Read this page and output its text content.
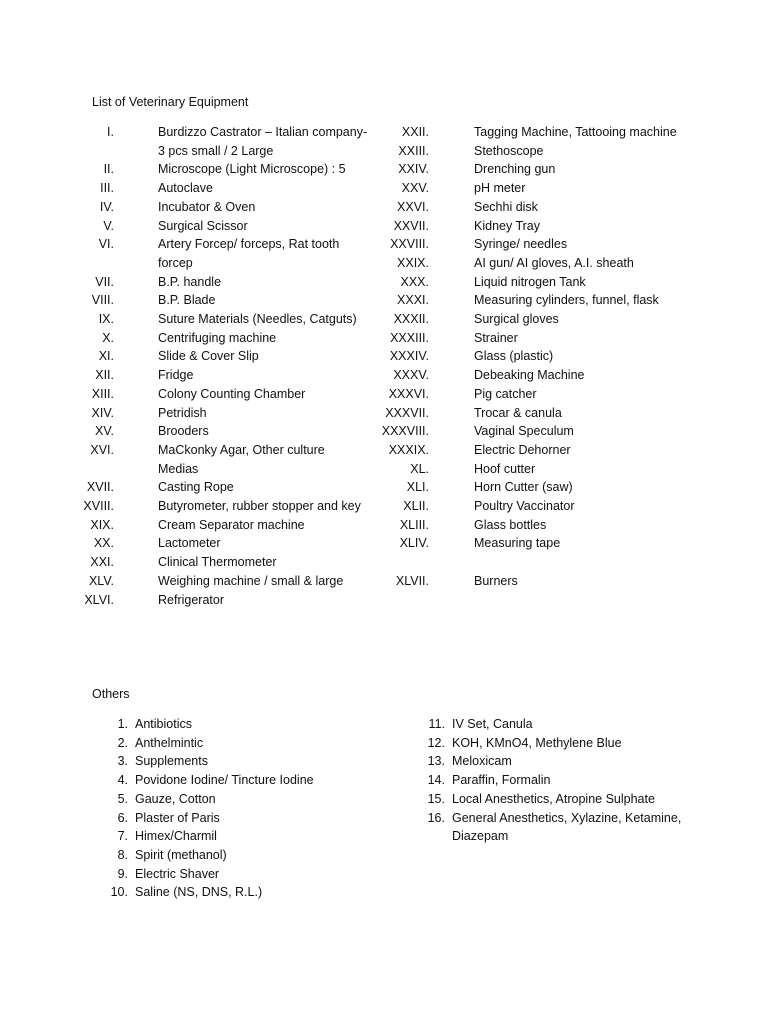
List of Veterinary Equipment
I.	Burdizzo Castrator – Italian company- 3 pcs small / 2 Large
II.	Microscope (Light Microscope) : 5
III.	Autoclave
IV.	Incubator & Oven
V.	Surgical Scissor
VI.	Artery Forcep/ forceps, Rat tooth forcep
VII.	B.P. handle
VIII.	B.P. Blade
IX.	Suture Materials (Needles, Catguts)
X.	Centrifuging machine
XI.	Slide & Cover Slip
XII.	Fridge
XIII.	Colony Counting Chamber
XIV.	Petridish
XV.	Brooders
XVI.	MaCkonky Agar, Other culture Medias
XVII.	Casting Rope
XVIII.	Butyrometer, rubber stopper and key
XIX.	Cream Separator machine
XX.	Lactometer
XXI.	Clinical Thermometer
XLV.	Weighing machine / small & large
XLVI.	Refrigerator
XXII.	Tagging Machine, Tattooing machine
XXIII.	Stethoscope
XXIV.	Drenching gun
XXV.	pH meter
XXVI.	Sechhi disk
XXVII.	Kidney Tray
XXVIII.	Syringe/ needles
XXIX.	AI gun/ AI gloves, A.I. sheath
XXX.	Liquid nitrogen Tank
XXXI.	Measuring cylinders, funnel, flask
XXXII.	Surgical gloves
XXXIII.	Strainer
XXXIV.	Glass (plastic)
XXXV.	Debeaking Machine
XXXVI.	Pig catcher
XXXVII.	Trocar & canula
XXXVIII.	Vaginal Speculum
XXXIX.	Electric Dehorner
XL.	Hoof cutter
XLI.	Horn Cutter (saw)
XLII.	Poultry Vaccinator
XLIII.	Glass bottles
XLIV.	Measuring tape
XLVII.	Burners
Others
1. Antibiotics
2. Anthelmintic
3. Supplements
4. Povidone Iodine/ Tincture Iodine
5. Gauze, Cotton
6. Plaster of Paris
7. Himex/Charmil
8. Spirit (methanol)
9. Electric Shaver
10. Saline (NS, DNS, R.L.)
11. IV Set, Canula
12. KOH, KMnO4, Methylene Blue
13. Meloxicam
14. Paraffin, Formalin
15. Local Anesthetics, Atropine Sulphate
16. General Anesthetics, Xylazine, Ketamine, Diazepam
